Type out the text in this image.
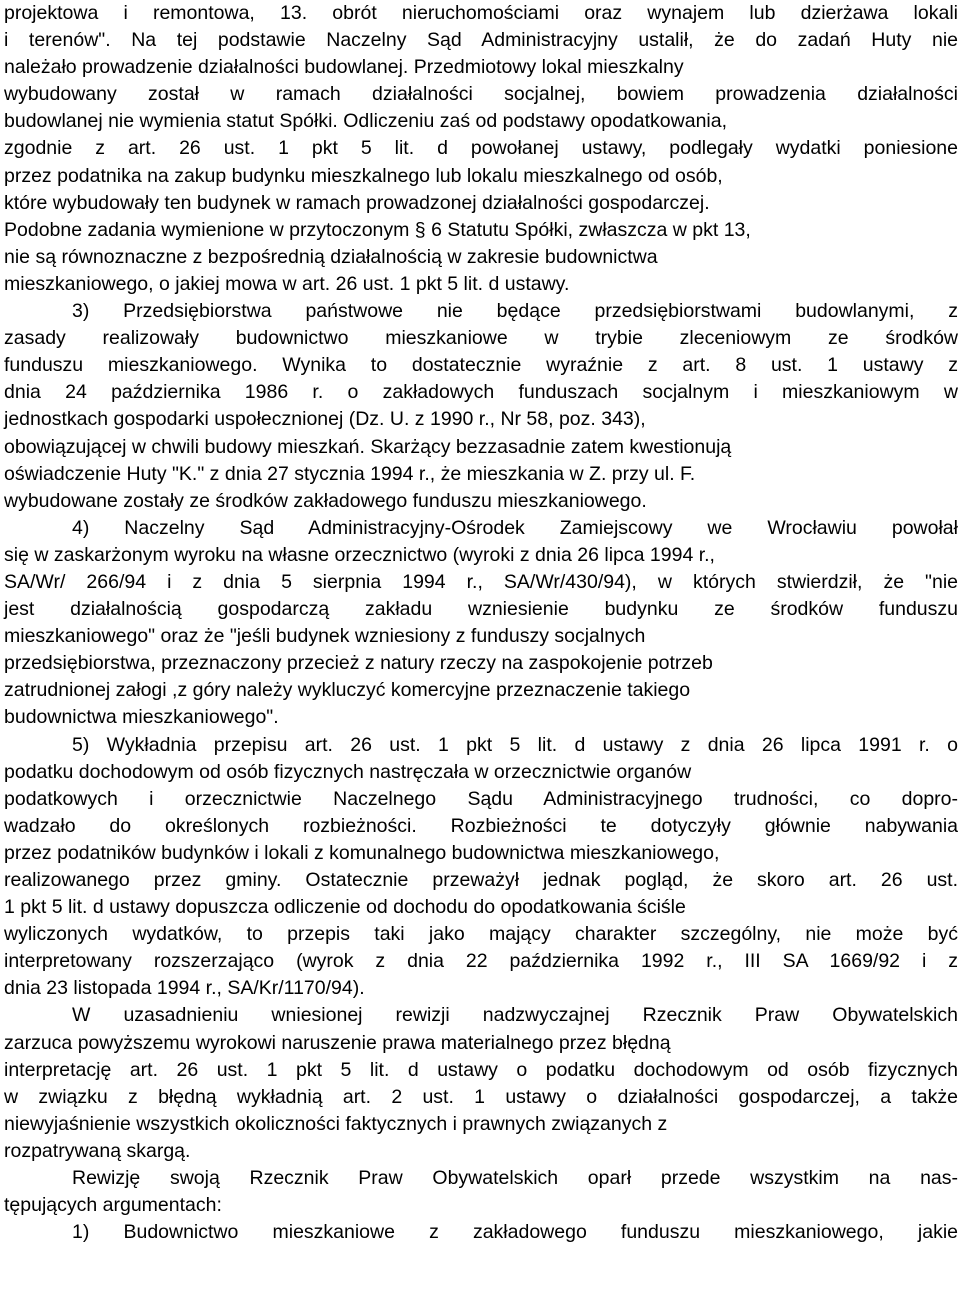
projektowa i remontowa, 13. obrót nieruchomościami oraz wynajem lub dzierżawa lokali
i terenów". Na tej podstawie Naczelny Sąd Administracyjny ustalił, że do zadań Huty nie
należało prowadzenie działalności budowlanej. Przedmiotowy lokal mieszkalny
wybudowany został w ramach działalności socjalnej, bowiem prowadzenia działalności
budowlanej nie wymienia statut Spółki. Odliczeniu zaś od podstawy opodatkowania,
zgodnie z art. 26 ust. 1 pkt 5 lit. d powołanej ustawy, podlegały wydatki poniesione
przez podatnika na zakup budynku mieszkalnego lub lokalu mieszkalnego od osób,
które wybudowały ten budynek w ramach prowadzonej działalności gospodarczej.
Podobne zadania wymienione w przytoczonym § 6 Statutu Spółki, zwłaszcza w pkt 13,
nie są równoznaczne z bezpośrednią działalnością w zakresie budownictwa
mieszkaniowego, o jakiej mowa w art. 26 ust. 1 pkt 5 lit. d ustawy.
3) Przedsiębiorstwa państwowe nie będące przedsiębiorstwami budowlanymi, z
zasady realizowały budownictwo mieszkaniowe w trybie zleceniowym ze środków
funduszu mieszkaniowego. Wynika to dostatecznie wyraźnie z art. 8 ust. 1 ustawy z
dnia 24 października 1986 r. o zakładowych funduszach socjalnym i mieszkaniowym w
jednostkach gospodarki uspołecznionej (Dz. U. z 1990 r., Nr 58, poz. 343),
obowiązującej w chwili budowy mieszkań. Skarżący bezzasadnie zatem kwestionują
oświadczenie Huty "K." z dnia 27 stycznia 1994 r., że mieszkania w Z. przy ul. F.
wybudowane zostały ze środków zakładowego funduszu mieszkaniowego.
4) Naczelny Sąd Administracyjny-Ośrodek Zamiejscowy we Wrocławiu powołał
się w zaskarżonym wyroku na własne orzecznictwo (wyroki z dnia 26 lipca 1994 r.,
SA/Wr/ 266/94 i z dnia 5 sierpnia 1994 r., SA/Wr/430/94), w których stwierdził, że "nie
jest działalnością gospodarczą zakładu wzniesienie budynku ze środków funduszu
mieszkaniowego" oraz że "jeśli budynek wzniesiony z funduszy socjalnych
przedsiębiorstwa, przeznaczony przecież z natury rzeczy na zaspokojenie potrzeb
zatrudnionej załogi ,z góry należy wykluczyć komercyjne przeznaczenie takiego
budownictwa mieszkaniowego".
5) Wykładnia przepisu art. 26 ust. 1 pkt 5 lit. d ustawy z dnia 26 lipca 1991 r. o
podatku dochodowym od osób fizycznych nastręczała w orzecznictwie organów
podatkowych i orzecznictwie Naczelnego Sądu Administracyjnego trudności, co dopro-
wadzało do określonych rozbieżności. Rozbieżności te dotyczyły głównie nabywania
przez podatników budynków i lokali z komunalnego budownictwa mieszkaniowego,
realizowanego przez gminy. Ostatecznie przeważył jednak pogląd, że skoro art. 26 ust.
1 pkt 5 lit. d ustawy dopuszcza odliczenie od dochodu do opodatkowania ściśle
wyliczonych wydatków, to przepis taki jako mający charakter szczególny, nie może być
interpretowany rozszerzająco (wyrok z dnia 22 października 1992 r., III SA 1669/92 i z
dnia 23 listopada 1994 r., SA/Kr/1170/94).
W uzasadnieniu wniesionej rewizji nadzwyczajnej Rzecznik Praw Obywatelskich
zarzuca powyższemu wyrokowi naruszenie prawa materialnego przez błędną
interpretację art. 26 ust. 1 pkt 5 lit. d ustawy o podatku dochodowym od osób fizycznych
w związku z błędną wykładnią art. 2 ust. 1 ustawy o działalności gospodarczej, a także
niewyjaśnienie wszystkich okoliczności faktycznych i prawnych związanych z
rozpatrywaną skargą.
Rewizję swoją Rzecznik Praw Obywatelskich oparł przede wszystkim na nas-
tępujących argumentach:
1) Budownictwo mieszkaniowe z zakładowego funduszu mieszkaniowego, jakie
